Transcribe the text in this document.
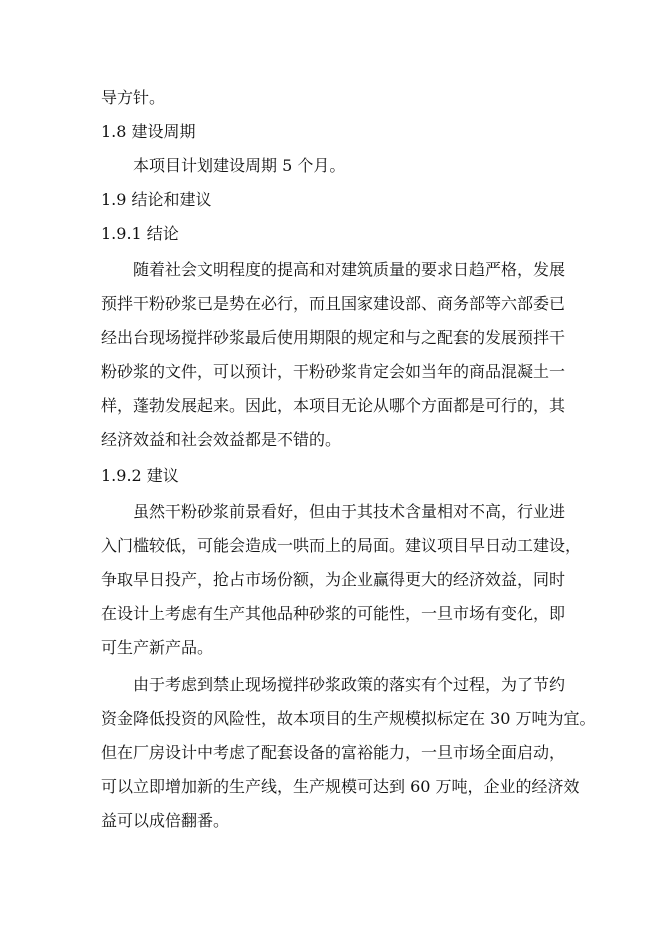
导方针。
1.8 建设周期
本项目计划建设周期 5 个月。
1.9 结论和建议
1.9.1 结论
随着社会文明程度的提高和对建筑质量的要求日趋严格，发展
预拌干粉砂浆已是势在必行，而且国家建设部、商务部等六部委已
经出台现场搅拌砂浆最后使用期限的规定和与之配套的发展预拌干
粉砂浆的文件，可以预计，干粉砂浆肯定会如当年的商品混凝土一
样，蓬勃发展起来。因此，本项目无论从哪个方面都是可行的，其
经济效益和社会效益都是不错的。
1.9.2 建议
虽然干粉砂浆前景看好，但由于其技术含量相对不高，行业进
入门槛较低，可能会造成一哄而上的局面。建议项目早日动工建设，
争取早日投产，抢占市场份额，为企业赢得更大的经济效益，同时
在设计上考虑有生产其他品种砂浆的可能性，一旦市场有变化，即
可生产新产品。
由于考虑到禁止现场搅拌砂浆政策的落实有个过程，为了节约
资金降低投资的风险性，故本项目的生产规模拟标定在 30 万吨为宜。
但在厂房设计中考虑了配套设备的富裕能力，一旦市场全面启动，
可以立即增加新的生产线，生产规模可达到 60 万吨，企业的经济效
益可以成倍翻番。
